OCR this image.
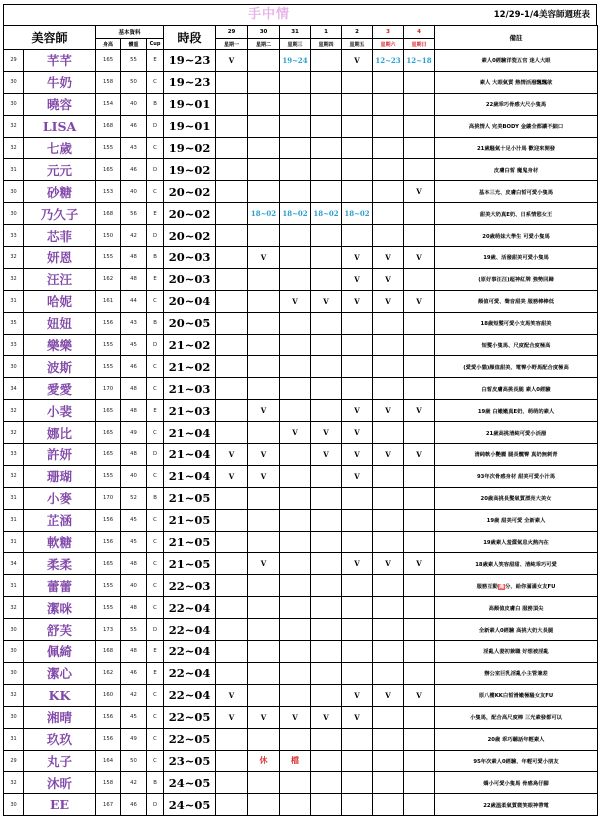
手中情	12/29-1/4美容師週班表
美容師		基本資料			時段	29	30	31	1	2	3	4	備註
		身高	體重	Cup		星期一	星期二	星期三	星期四	星期五	星期六	星期日	
29	芊芊	165	55	E	19~23	V		19~24		V	12~23	12~18	素人0經驗洋瓷五官 迷人大眼
30	牛奶	158	50	C	19~23								素人 大眼氣質 熱情活潑飄飄欲
30	曉容	154	40	B	19~01								22歲乖巧骨感大尺小隻馬
32	LISA	168	46	D	19~01								高挑情人 完美BODY 金縷全都讓不細口
32	七歲	155	43	C	19~02								21歲騷氣十足小汁馬 歡迎來開發
31	元元	165	46	D	19~02								皮膚白皙 魔鬼身材
30	砂糖	153	40	C	20~02							V	基本三光、皮膚白皙可愛小隻馬
30	乃久子	168	56	E	20~02		18~02	18~02	18~02	18~02			甜美大奶真E奶、日系情慾女王
33	芯菲	150	42	D	20~02								20歲萌妹大學生 可愛小隻馬
32	妍恩	155	48	B	20~03		V			V	V	V	19歲、活潑甜美可愛小隻馬
32	汪汪	162	48	E	20~03					V	V		(原好事汪汪)超神紅牌 強勢回歸
31	哈妮	161	44	C	20~04			V	V	V	V	V	顏值可愛、聲音甜美 服務棒棒低
35	妞妞	156	43	B	20~05								18歲短髮可愛小支馬笑容甜美
33	樂樂	155	45	D	21~02								短髮小隻馬、尺度配合度極高
30	波斯	155	46	C	21~02								(愛愛小貓)顏值甜美、電臀小野馬配合度極高
34	愛愛	170	48	C	21~03								白皙皮膚高挑長腿 素人0經驗
32	小裴	165	48	E	21~03		V			V	V	V	19歲 白嫩嫩真E奶、萌萌的素人
32	娜比	165	49	C	21~04			V	V	V			21歲高挑清純可愛小活潑
33	許妍	165	48	D	21~04	V	V		V	V	V	V	清純軟小艷麗 腿長髖臀 真奶無刺青
32	珊瑚	155	40	C	21~04	V	V			V			93年次骨感身材 甜美可愛小汁馬
31	小麥	170	52	B	21~05								20歲高挑長髮氣質漂亮大美女
31	芷涵	156	45	C	21~05								19歲 甜美可愛 全新素人
31	軟糖	156	45	C	21~05								19歲素人羞澀氣息火熱內在
34	柔柔	165	48	C	21~05		V			V	V	V	18歲素人笑容甜甜、清純乖巧可愛
31	蕾蕾	155	40	C	22~03								服務互動滿分、給你滿滿女友FU
32	潔咪	155	48	C	22~04								高顏值皮膚白 服務頂尖
30	舒芙	173	55	D	22~04								全新素人0經驗 高挑大奶大長腿
30	佩綺	168	48	E	22~04								淫亂人妻初兼職 好想被淫亂
30	潔心	162	46	E	22~04								辦公室巨乳淫亂小主管兼差
32	KK	160	42	C	22~04	V				V	V	V	原八樓KK白皙滑嫩極騷女友FU
30	湘晴	156	45	C	22~05	V	V	V	V	V			小隻馬，配合高尺度棒 三光素發都可以
31	玖玖	156	49	C	22~05								20歲 乖巧聽話年輕素人
29	丸子	164	50	C	23~05		休	檔					95年次素人0經驗、年輕可愛小朋友
32	沐昕	158	42	B	24~05								嬌小可愛小隻馬 骨感鳥仔腳
30	EE	167	46	D	24~05								22歲溫柔氣質微笑眼神帶電
